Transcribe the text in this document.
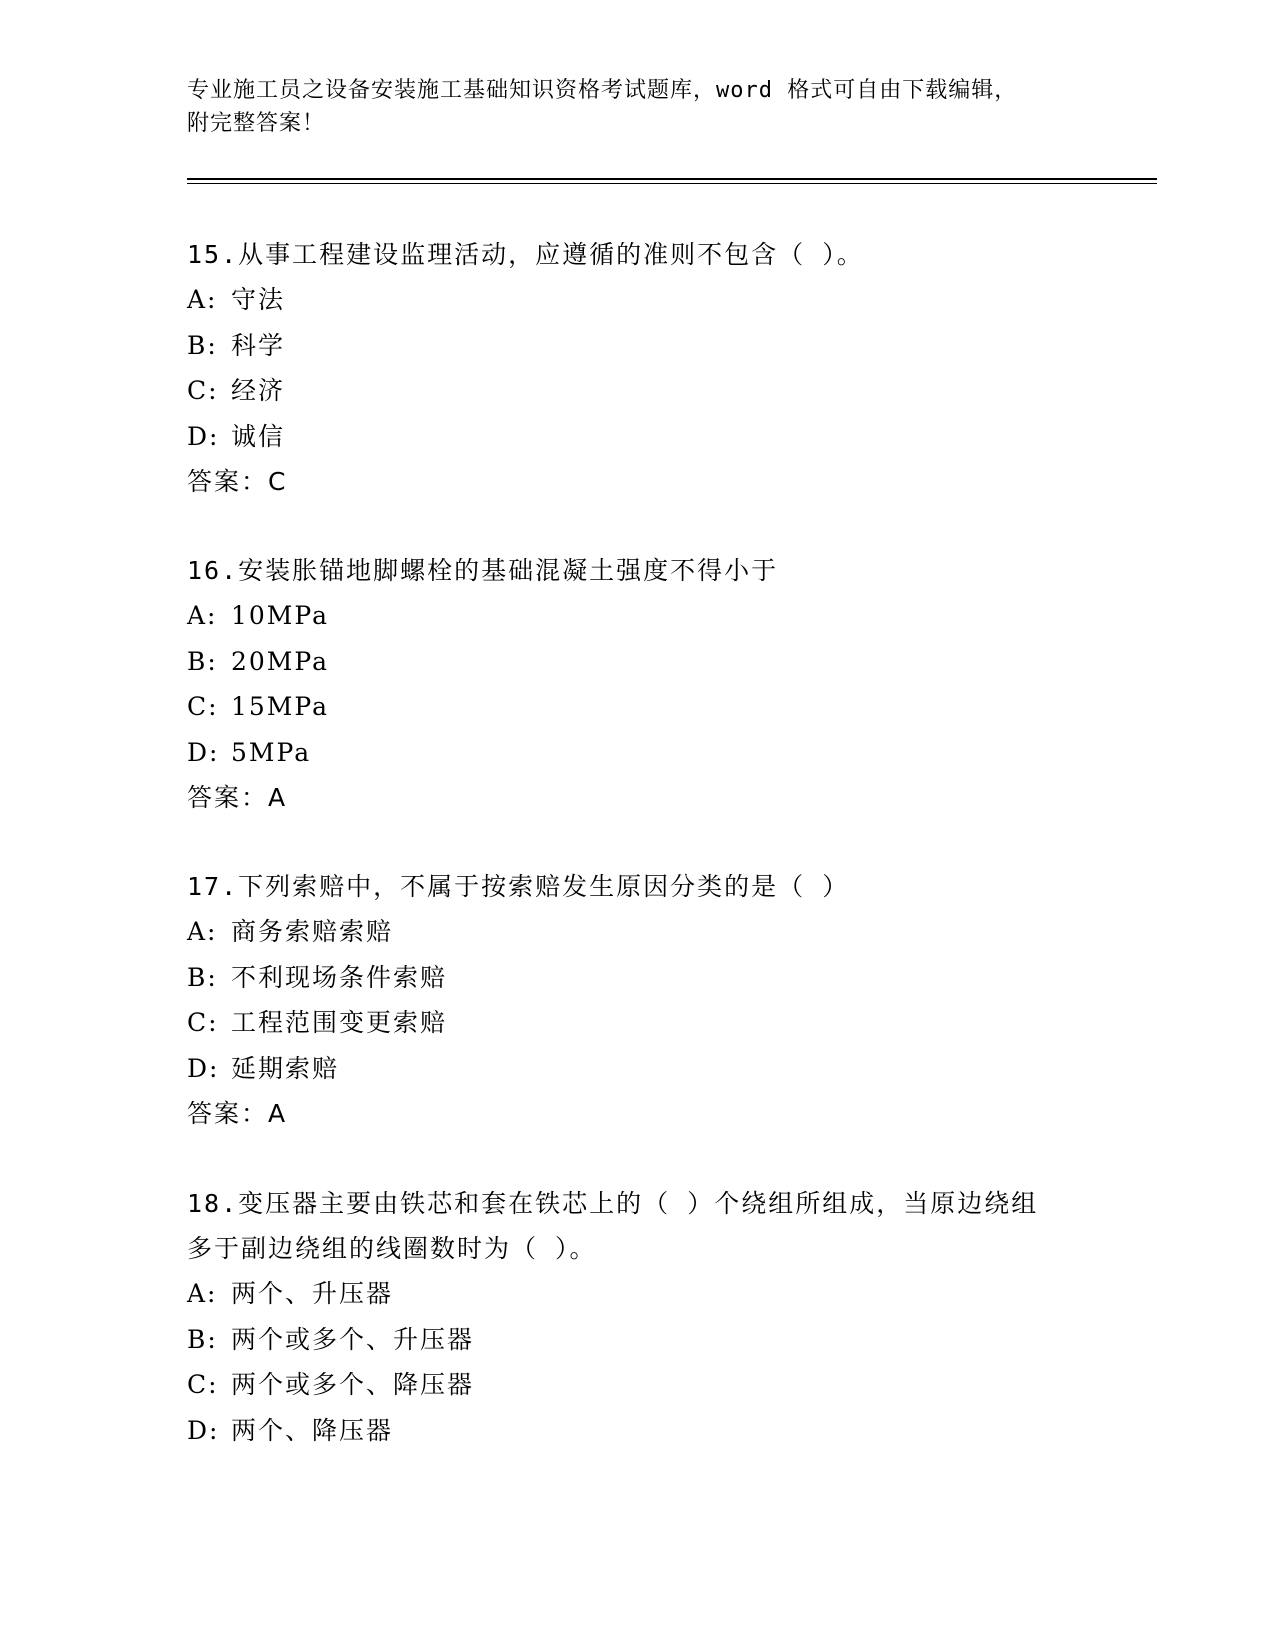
专业施工员之设备安装施工基础知识资格考试题库，word 格式可自由下载编辑，
附完整答案！
15.从事工程建设监理活动，应遵循的准则不包含（ ）。
A: 守法
B: 科学
C: 经济
D: 诚信
答案：C
16.安装胀锚地脚螺栓的基础混凝土强度不得小于
A: 10MPa
B: 20MPa
C: 15MPa
D: 5MPa
答案：A
17.下列索赔中，不属于按索赔发生原因分类的是（ ）
A: 商务索赔索赔
B: 不利现场条件索赔
C: 工程范围变更索赔
D: 延期索赔
答案：A
18.变压器主要由铁芯和套在铁芯上的（ ）个绕组所组成，当原边绕组多于副边绕组的线圈数时为（ ）。
A: 两个、升压器
B: 两个或多个、升压器
C: 两个或多个、降压器
D: 两个、降压器
